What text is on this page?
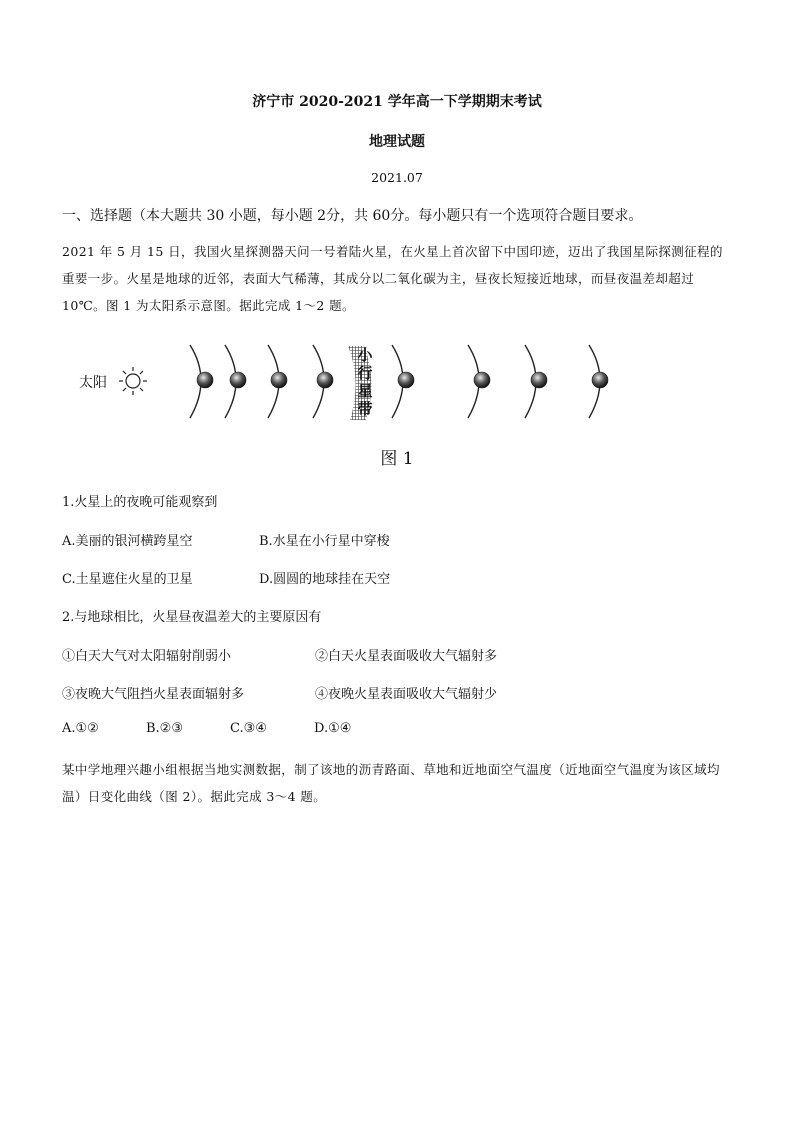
济宁市 2020-2021 学年高一下学期期末考试
地理试题
2021.07
一、选择题（本大题共 30 小题，每小题 2分，共 60分。每小题只有一个选项符合题目要求。
2021 年 5 月 15 日，我国火星探测器天问一号着陆火星，在火星上首次留下中国印迹，迈出了我国星际探测征程的重要一步。火星是地球的近邻，表面大气稀薄，其成分以二氧化碳为主，昼夜长短接近地球，而昼夜温差却超过 10℃。图 1 为太阳系示意图。据此完成 1～2 题。
太阳
小
行
星
带
图 1
1.火星上的夜晚可能观察到
A.美丽的银河横跨星空	B.水星在小行星中穿梭
C.土星遮住火星的卫星	D.圆圆的地球挂在天空
2.与地球相比，火星昼夜温差大的主要原因有
①白天大气对太阳辐射削弱小	②白天火星表面吸收大气辐射多
③夜晚大气阻挡火星表面辐射多	④夜晚火星表面吸收大气辐射少
A.①②	B.②③	C.③④	D.①④
某中学地理兴趣小组根据当地实测数据，制了该地的沥青路面、草地和近地面空气温度（近地面空气温度为该区域均温）日变化曲线（图 2）。据此完成 3～4 题。
